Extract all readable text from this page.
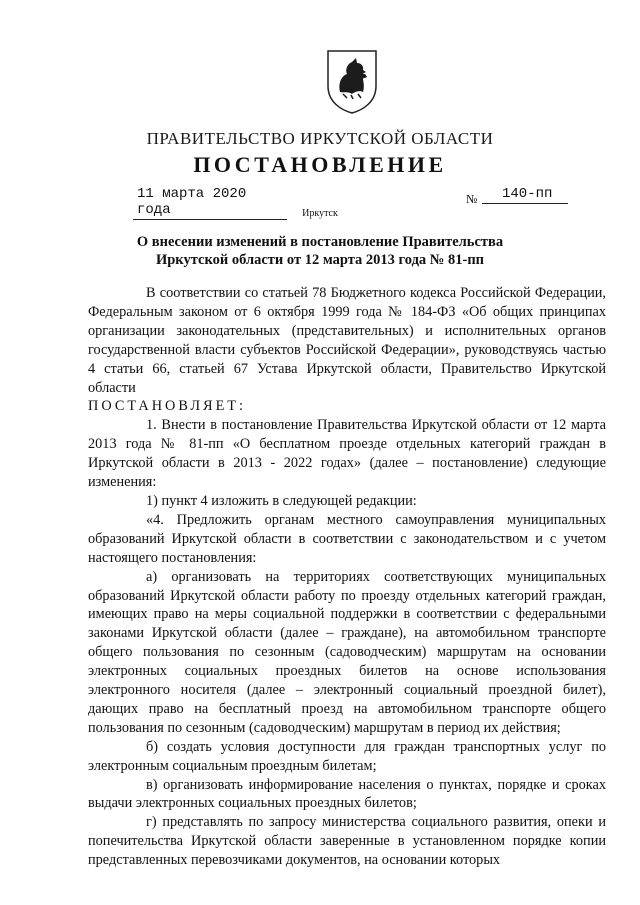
ПРАВИТЕЛЬСТВО ИРКУТСКОЙ ОБЛАСТИ
ПОСТАНОВЛЕНИЕ
11 марта 2020 года
№	140-пп
Иркутск
О внесении изменений в постановление Правительства
Иркутской области от 12 марта 2013 года № 81-пп

В соответствии со статьей 78 Бюджетного кодекса Российской Федерации, Федеральным законом от 6 октября 1999 года № 184-ФЗ «Об общих принципах организации законодательных (представительных) и исполнительных органов государственной власти субъектов Российской Федерации», руководствуясь частью 4 статьи 66, статьей 67 Устава Иркутской области, Правительство Иркутской области

ПОСТАНОВЛЯЕТ:

1. Внести в постановление Правительства Иркутской области от 12 марта 2013 года № 81-пп «О бесплатном проезде отдельных категорий граждан в Иркутской области в 2013 - 2022 годах» (далее – постановление) следующие изменения:

1) пункт 4 изложить в следующей редакции:

«4. Предложить органам местного самоуправления муниципальных образований Иркутской области в соответствии с законодательством и с учетом настоящего постановления:

а) организовать на территориях соответствующих муниципальных образований Иркутской области работу по проезду отдельных категорий граждан, имеющих право на меры социальной поддержки в соответствии с федеральными законами Иркутской области (далее – граждане), на автомобильном транспорте общего пользования по сезонным (садоводческим) маршрутам на основании электронных социальных проездных билетов на основе использования электронного носителя (далее – электронный социальный проездной билет), дающих право на бесплатный проезд на автомобильном транспорте общего пользования по сезонным (садоводческим) маршрутам в период их действия;

б) создать условия доступности для граждан транспортных услуг по электронным социальным проездным билетам;

в) организовать информирование населения о пунктах, порядке и сроках выдачи электронных социальных проездных билетов;

г) представлять по запросу министерства социального развития, опеки и попечительства Иркутской области заверенные в установленном порядке копии представленных перевозчиками документов, на основании которых
